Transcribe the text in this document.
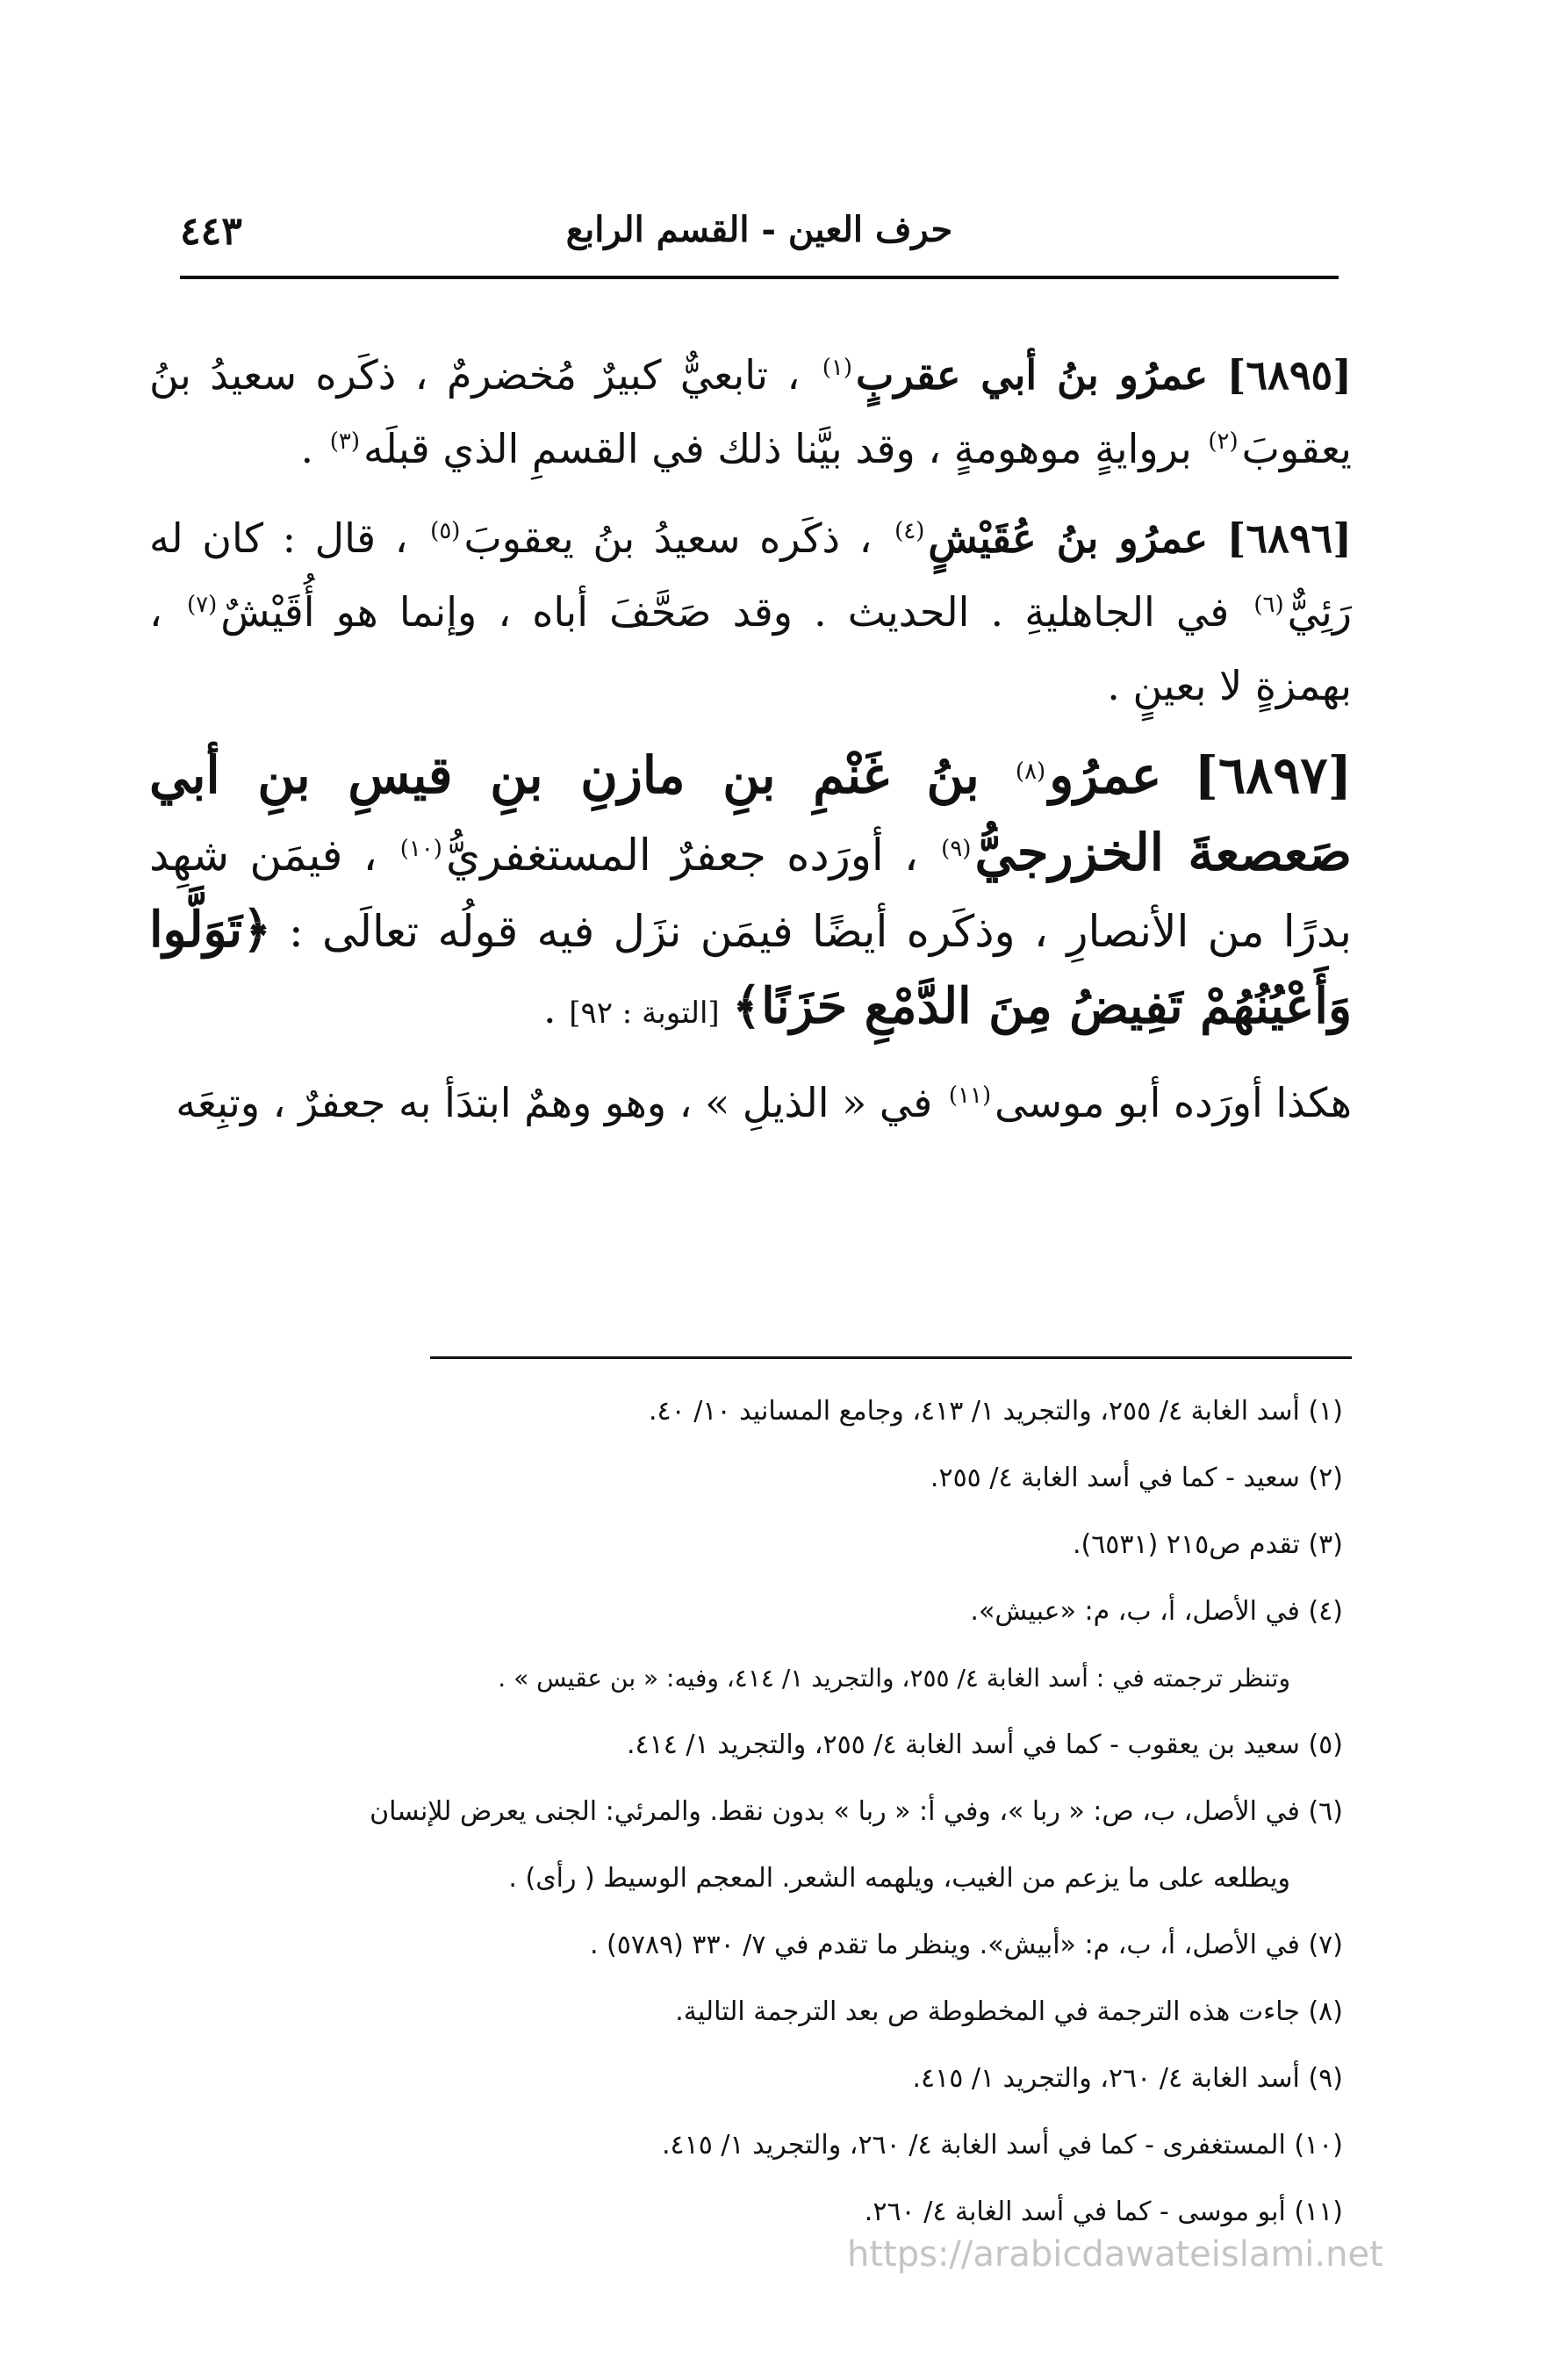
حرف العين - القسم الرابع
٤٤٣

[٦٨٩٥] عمرُو بنُ أبي عقربٍ$^{(١)}$ ، تابعيٌّ كبيرٌ مُخضرمٌ ، ذكَره سعيدُ بنُ يعقوبَ$^{(٢)}$ بروايةٍ موهومةٍ ، وقد بيَّنا ذلك في القسمِ الذي قبلَه$^{(٣)}$ .

[٦٨٩٦] عمرُو بنُ عُقَيْشٍ$^{(٤)}$ ، ذكَره سعيدُ بنُ يعقوبَ$^{(٥)}$ ، قال : كان له رَئِيٌّ$^{(٦)}$ في الجاهليةِ . الحديث . وقد صَحَّفَ أباه ، وإنما هو أُقَيْشٌ$^{(٧)}$ ، بهمزةٍ لا بعينٍ .

[٦٨٩٧] عمرُو$^{(٨)}$ بنُ غَنْمِ بنِ مازنِ بنِ قيسِ بنِ أبي صَعصعةَ الخزرجيُّ$^{(٩)}$ ، أورَده جعفرٌ المستغفريُّ$^{(١٠)}$ ، فيمَن شهِد بدرًا من الأنصارِ ، وذكَره أيضًا فيمَن نزَل فيه قولُه تعالَى : ﴿تَوَلَّوا وَأَعْيُنُهُمْ تَفِيضُ مِنَ الدَّمْعِ حَزَنًا﴾ [التوبة : ٩٢] .

هكذا أورَده أبو موسى$^{(١١)}$ في « الذيلِ » ، وهو وهمٌ ابتدَأ به جعفرٌ ، وتبِعَه

(١) أسد الغابة ٤/ ٢٥٥، والتجريد ١/ ٤١٣، وجامع المسانيد ١٠/ ٤٠.

(٢) سعيد - كما في أسد الغابة ٤/ ٢٥٥.

(٣) تقدم ص٢١٥ (٦٥٣١).

(٤) في الأصل، أ، ب، م: «عبيش».

وتنظر ترجمته في : أسد الغابة ٤/ ٢٥٥، والتجريد ١/ ٤١٤، وفيه: « بن عقيس » .

(٥) سعيد بن يعقوب - كما في أسد الغابة ٤/ ٢٥٥، والتجريد ١/ ٤١٤.

(٦) في الأصل، ب، ص: « ربا »، وفي أ: « ربا » بدون نقط. والمرئي: الجنى يعرض للإنسان

ويطلعه على ما يزعم من الغيب، ويلهمه الشعر. المعجم الوسيط ( رأى) .

(٧) في الأصل، أ، ب، م: «أبيش». وينظر ما تقدم في ٧/ ٣٣٠ (٥٧٨٩) .

(٨) جاءت هذه الترجمة في المخطوطة ص بعد الترجمة التالية.

(٩) أسد الغابة ٤/ ٢٦٠، والتجريد ١/ ٤١٥.

(١٠) المستغفرى - كما في أسد الغابة ٤/ ٢٦٠، والتجريد ١/ ٤١٥.

(١١) أبو موسى - كما في أسد الغابة ٤/ ٢٦٠.

https://arabicdawateislami.net
